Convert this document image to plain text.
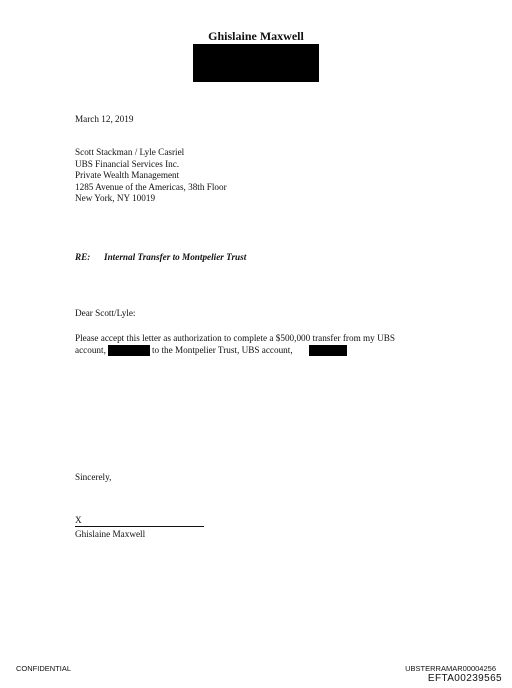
Ghislaine Maxwell
March 12, 2019
Scott Stackman / Lyle Casriel
UBS Financial Services Inc.
Private Wealth Management
1285 Avenue of the Americas, 38th Floor
New York, NY 10019
RE: Internal Transfer to Montpelier Trust
Dear Scott/Lyle:
Please accept this letter as authorization to complete a $500,000 transfer from my UBS
account,	to the Montpelier Trust, UBS account,
Sincerely,
X
Ghislaine Maxwell
CONFIDENTIAL	UBSTERRAMAR00004256
EFTA00239565
